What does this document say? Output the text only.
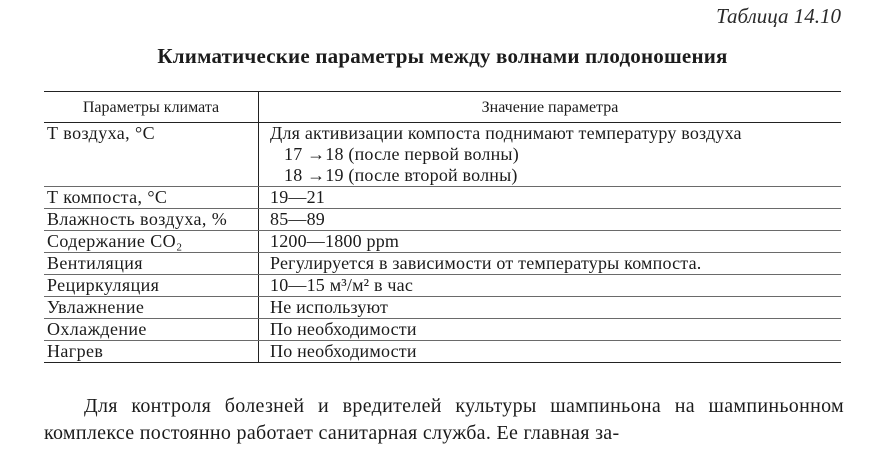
Таблица 14.10
Климатические параметры между волнами плодоношения
Параметры климата	Значение параметра
Т воздуха, °С	Для активизации компоста поднимают температуру воздуха
17 →18 (после первой волны)
18 →19 (после второй волны)

Т компоста, °С	19—21
Влажность воздуха, %	85—89
Содержание CO₂	1200—1800 ppm
Вентиляция	Регулируется в зависимости от температуры компоста.
Рециркуляция	10—15 м³/м² в час
Увлажнение	Не используют
Охлаждение	По необходимости
Нагрев	По необходимости

Для контроля болезней и вредителей культуры шампиньона на шампиньонном комплексе постоянно работает санитарная служба. Ее главная за-
